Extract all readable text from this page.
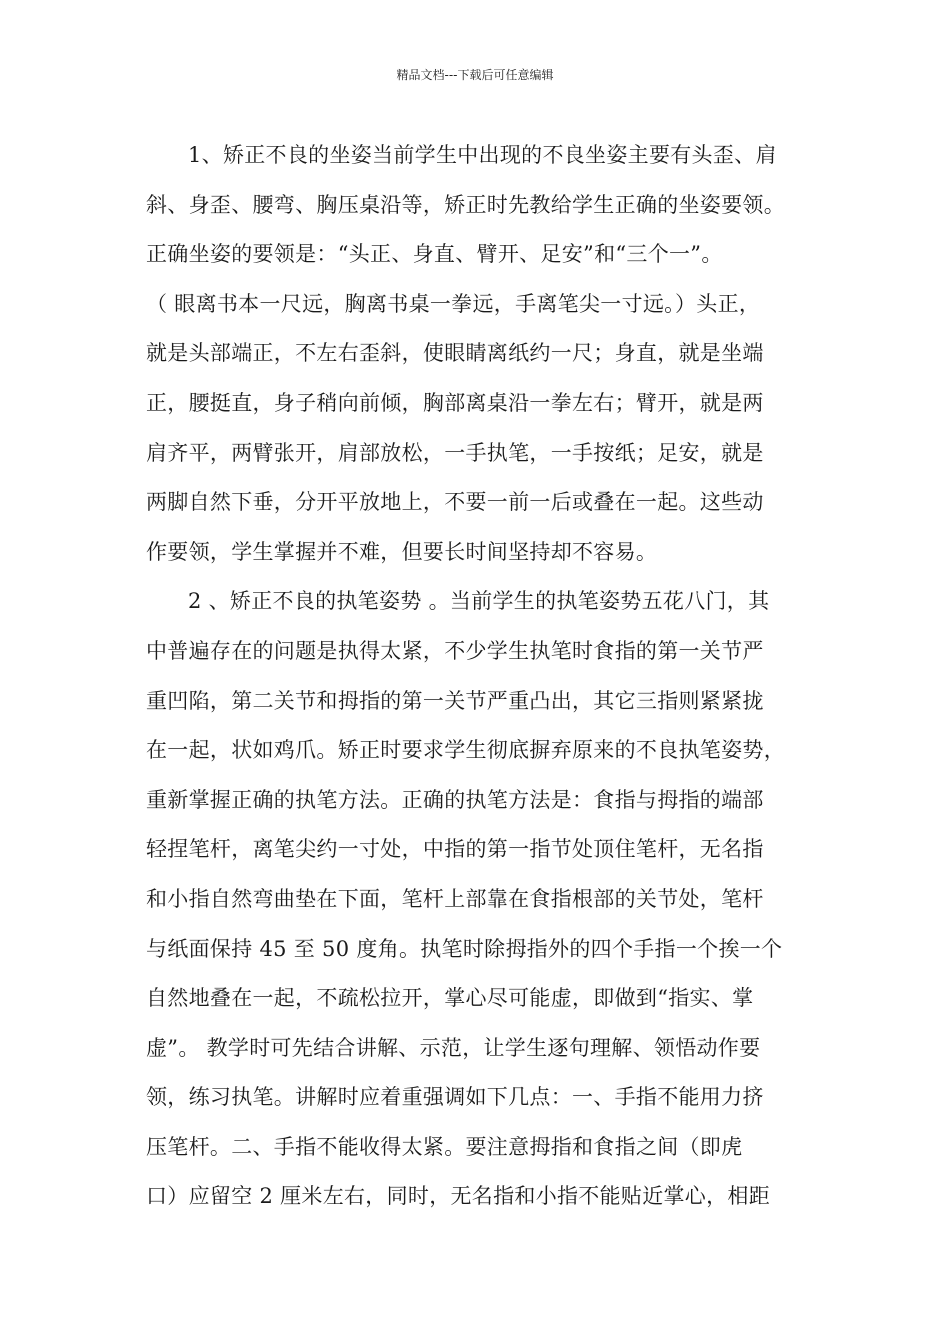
精品文档---下载后可任意编辑
1、矫正不良的坐姿当前学生中出现的不良坐姿主要有头歪、肩
斜、身歪、腰弯、胸压桌沿等，矫正时先教给学生正确的坐姿要领。
正确坐姿的要领是：“头正、身直、臂开、足安”和“三个一”。
（ 眼离书本一尺远，胸离书桌一拳远，手离笔尖一寸远。）头正，
就是头部端正，不左右歪斜，使眼睛离纸约一尺；身直，就是坐端
正，腰挺直，身子稍向前倾，胸部离桌沿一拳左右；臂开，就是两
肩齐平，两臂张开，肩部放松，一手执笔，一手按纸；足安，就是
两脚自然下垂，分开平放地上，不要一前一后或叠在一起。这些动
作要领，学生掌握并不难，但要长时间坚持却不容易。
2 、矫正不良的执笔姿势 。当前学生的执笔姿势五花八门，其
中普遍存在的问题是执得太紧，不少学生执笔时食指的第一关节严
重凹陷，第二关节和拇指的第一关节严重凸出，其它三指则紧紧拢
在一起，状如鸡爪。矫正时要求学生彻底摒弃原来的不良执笔姿势，
重新掌握正确的执笔方法。正确的执笔方法是：食指与拇指的端部
轻捏笔杆，离笔尖约一寸处，中指的第一指节处顶住笔杆，无名指
和小指自然弯曲垫在下面，笔杆上部靠在食指根部的关节处，笔杆
与纸面保持 45 至 50 度角。执笔时除拇指外的四个手指一个挨一个
自然地叠在一起，不疏松拉开，掌心尽可能虚，即做到“指实、掌
虚”。 教学时可先结合讲解、示范，让学生逐句理解、领悟动作要
领，练习执笔。讲解时应着重强调如下几点：一、手指不能用力挤
压笔杆。二、手指不能收得太紧。要注意拇指和食指之间（即虎
口）应留空 2 厘米左右，同时，无名指和小指不能贴近掌心，相距
